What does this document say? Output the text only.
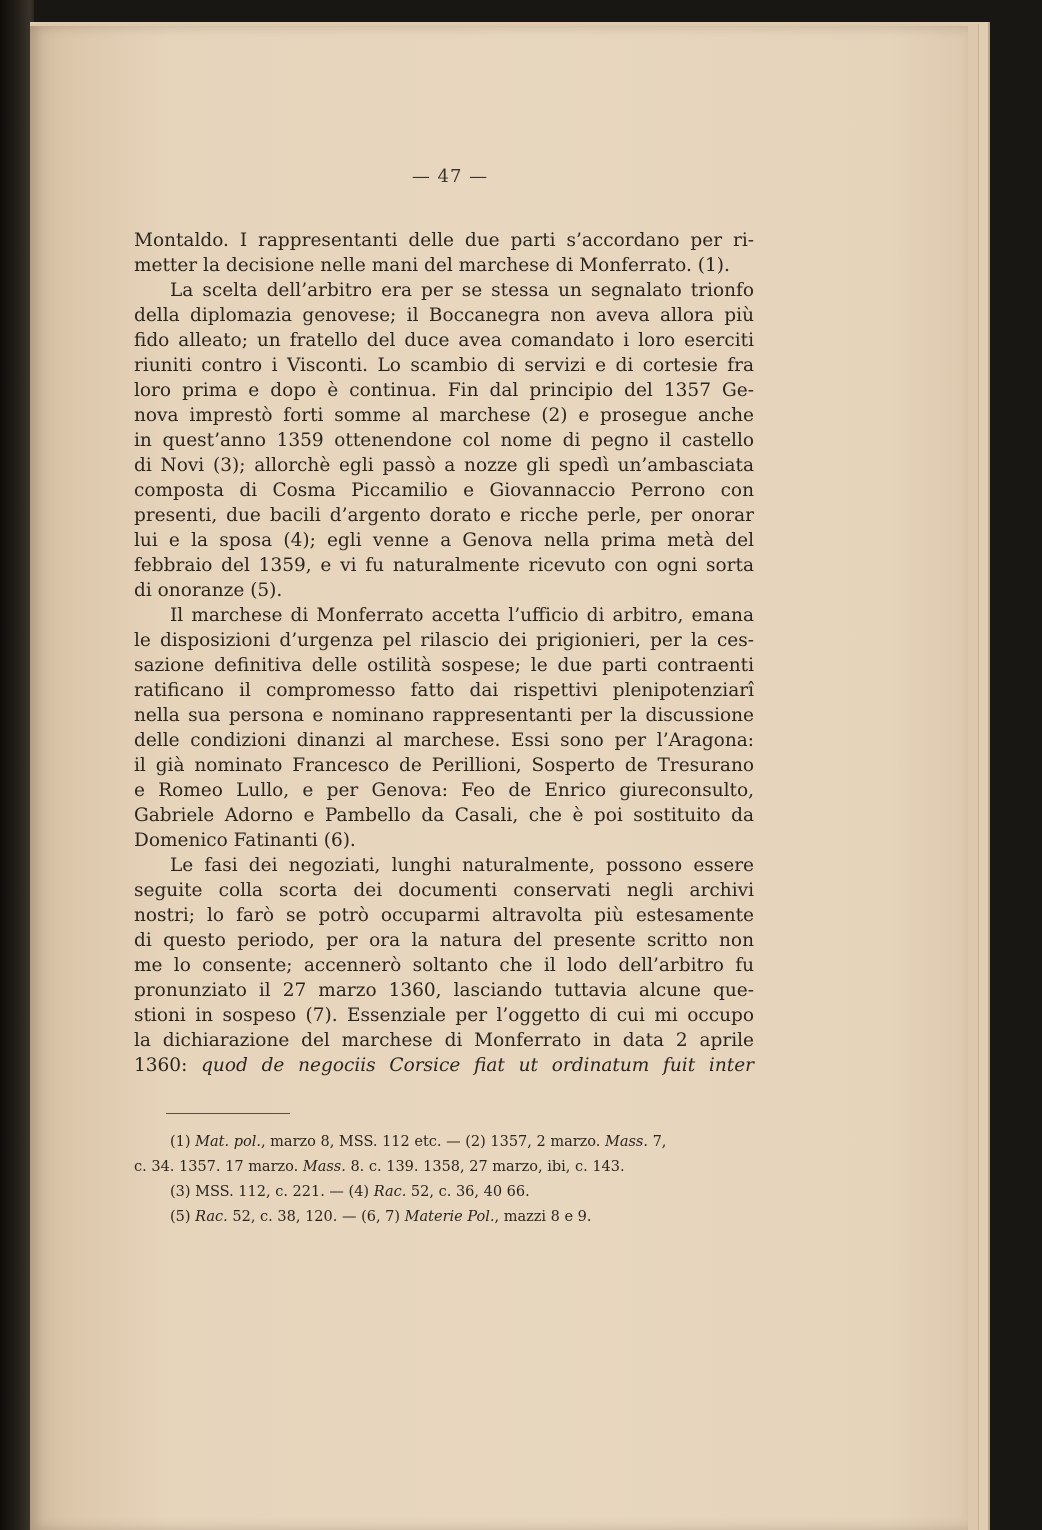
— 47 —
Montaldo. I rappresentanti delle due parti s’accordano per ri-
metter la decisione nelle mani del marchese di Monferrato. (1).
La scelta dell’arbitro era per se stessa un segnalato trionfo
della diplomazia genovese; il Boccanegra non aveva allora più
fido alleato; un fratello del duce avea comandato i loro eserciti
riuniti contro i Visconti. Lo scambio di servizi e di cortesie fra
loro prima e dopo è continua. Fin dal principio del 1357 Ge-
nova imprestò forti somme al marchese (2) e prosegue anche
in quest’anno 1359 ottenendone col nome di pegno il castello
di Novi (3); allorchè egli passò a nozze gli spedì un’ambasciata
composta di Cosma Piccamilio e Giovannaccio Perrono con
presenti, due bacili d’argento dorato e ricche perle, per onorar
lui e la sposa (4); egli venne a Genova nella prima metà del
febbraio del 1359, e vi fu naturalmente ricevuto con ogni sorta
di onoranze (5).
Il marchese di Monferrato accetta l’ufficio di arbitro, emana
le disposizioni d’urgenza pel rilascio dei prigionieri, per la ces-
sazione definitiva delle ostilità sospese; le due parti contraenti
ratificano il compromesso fatto dai rispettivi plenipotenziarî
nella sua persona e nominano rappresentanti per la discussione
delle condizioni dinanzi al marchese. Essi sono per l’Aragona:
il già nominato Francesco de Perillioni, Sosperto de Tresurano
e Romeo Lullo, e per Genova: Feo de Enrico giureconsulto,
Gabriele Adorno e Pambello da Casali, che è poi sostituito da
Domenico Fatinanti (6).
Le fasi dei negoziati, lunghi naturalmente, possono essere
seguite colla scorta dei documenti conservati negli archivi
nostri; lo farò se potrò occuparmi altravolta più estesamente
di questo periodo, per ora la natura del presente scritto non
me lo consente; accennerò soltanto che il lodo dell’arbitro fu
pronunziato il 27 marzo 1360, lasciando tuttavia alcune que-
stioni in sospeso (7). Essenziale per l’oggetto di cui mi occupo
la dichiarazione del marchese di Monferrato in data 2 aprile
1360: quod de negociis Corsice fiat ut ordinatum fuit inter
(1) Mat. pol., marzo 8, MSS. 112 etc. — (2) 1357, 2 marzo. Mass. 7,
c. 34. 1357. 17 marzo. Mass. 8. c. 139. 1358, 27 marzo, ibi, c. 143.
(3) MSS. 112, c. 221. — (4) Rac. 52, c. 36, 40 66.
(5) Rac. 52, c. 38, 120. — (6, 7) Materie Pol., mazzi 8 e 9.
